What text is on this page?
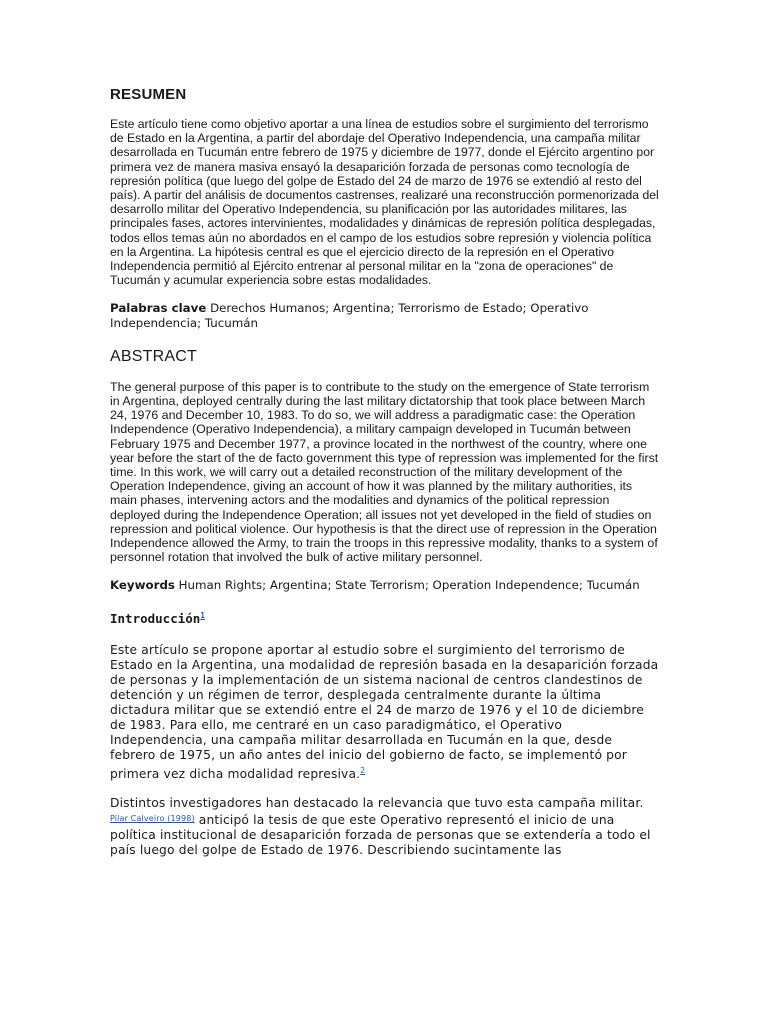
RESUMEN

Este artículo tiene como objetivo aportar a una línea de estudios sobre el surgimiento del terrorismo de Estado en la Argentina, a partir del abordaje del Operativo Independencia, una campaña militar desarrollada en Tucumán entre febrero de 1975 y diciembre de 1977, donde el Ejército argentino por primera vez de manera masiva ensayó la desaparición forzada de personas como tecnología de represión política (que luego del golpe de Estado del 24 de marzo de 1976 se extendió al resto del país). A partir del análisis de documentos castrenses, realizaré una reconstrucción pormenorizada del desarrollo militar del Operativo Independencia, su planificación por las autoridades militares, las principales fases, actores intervinientes, modalidades y dinámicas de represión política desplegadas, todos ellos temas aún no abordados en el campo de los estudios sobre represión y violencia política en la Argentina. La hipótesis central es que el ejercicio directo de la represión en el Operativo Independencia permitió al Ejército entrenar al personal militar en la "zona de operaciones" de Tucumán y acumular experiencia sobre estas modalidades.

Palabras clave Derechos Humanos; Argentina; Terrorismo de Estado; Operativo Independencia; Tucumán

ABSTRACT

The general purpose of this paper is to contribute to the study on the emergence of State terrorism in Argentina, deployed centrally during the last military dictatorship that took place between March 24, 1976 and December 10, 1983. To do so, we will address a paradigmatic case: the Operation Independence (Operativo Independencia), a military campaign developed in Tucumán between February 1975 and December 1977, a province located in the northwest of the country, where one year before the start of the de facto government this type of repression was implemented for the first time. In this work, we will carry out a detailed reconstruction of the military development of the Operation Independence, giving an account of how it was planned by the military authorities, its main phases, intervening actors and the modalities and dynamics of the political repression deployed during the Independence Operation; all issues not yet developed in the field of studies on repression and political violence. Our hypothesis is that the direct use of repression in the Operation Independence allowed the Army, to train the troops in this repressive modality, thanks to a system of personnel rotation that involved the bulk of active military personnel.

Keywords Human Rights; Argentina; State Terrorism; Operation Independence; Tucumán

Introducción$^1$

Este artículo se propone aportar al estudio sobre el surgimiento del terrorismo de Estado en la Argentina, una modalidad de represión basada en la desaparición forzada de personas y la implementación de un sistema nacional de centros clandestinos de detención y un régimen de terror, desplegada centralmente durante la última dictadura militar que se extendió entre el 24 de marzo de 1976 y el 10 de diciembre de 1983. Para ello, me centraré en un caso paradigmático, el Operativo Independencia, una campaña militar desarrollada en Tucumán en la que, desde febrero de 1975, un año antes del inicio del gobierno de facto, se implementó por primera vez dicha modalidad represiva.$^2$

Distintos investigadores han destacado la relevancia que tuvo esta campaña militar. $^{Pilar Calveiro (1998)}$ anticipó la tesis de que este Operativo representó el inicio de una política institucional de desaparición forzada de personas que se extendería a todo el país luego del golpe de Estado de 1976. Describiendo sucintamente las
